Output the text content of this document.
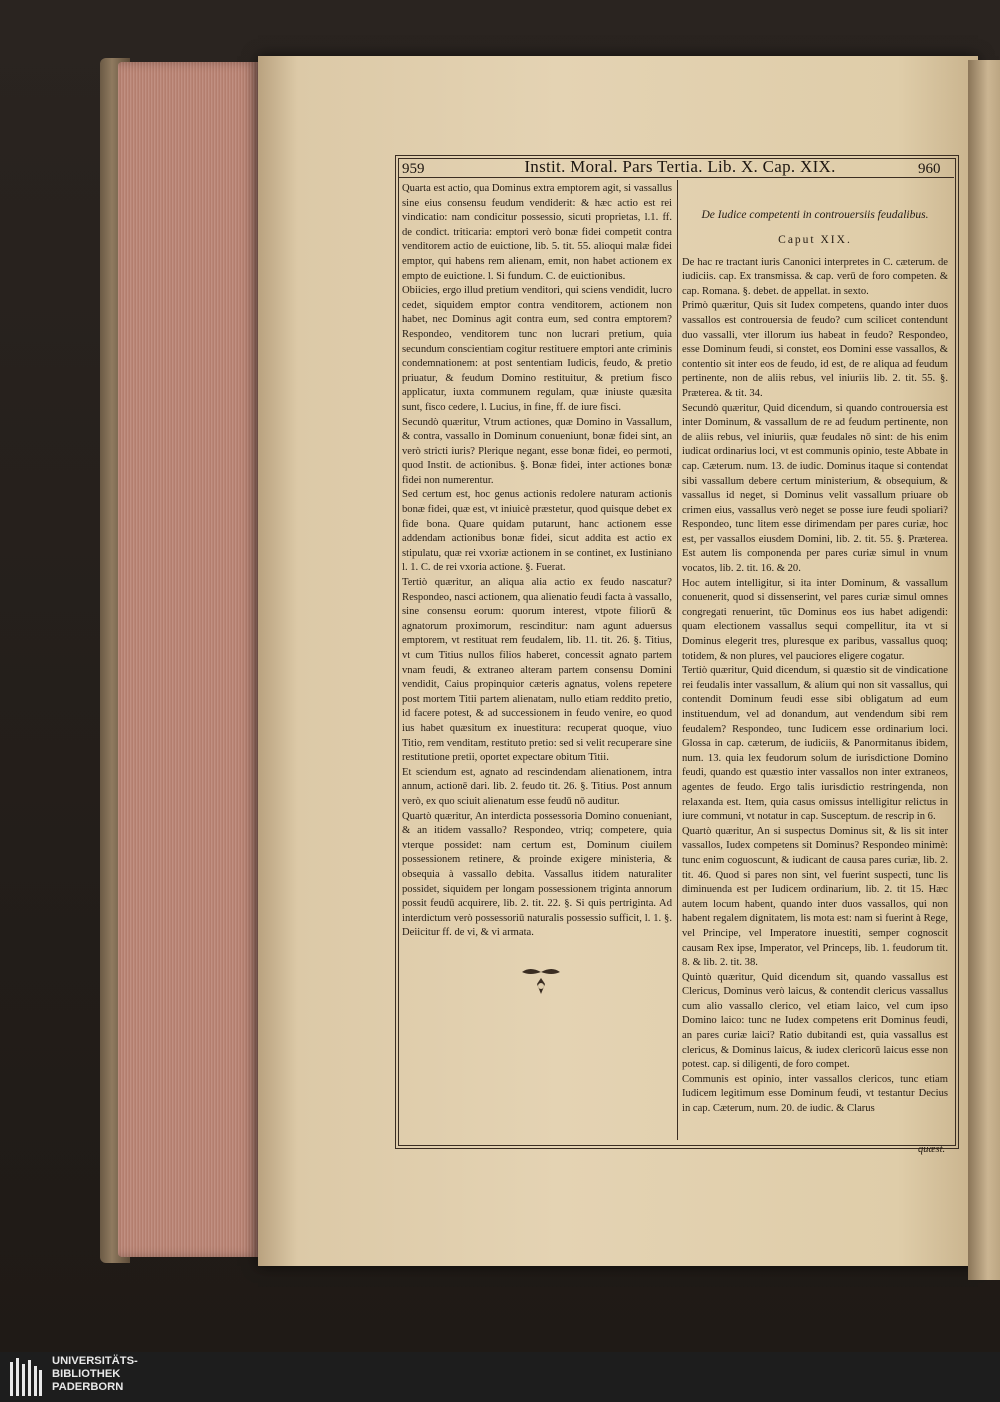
959	Instit. Moral. Pars Tertia. Lib. X. Cap. XIX.	960

Quarta est actio, qua Dominus extra emptorem agit, si vassallus sine eius consensu feudum vendiderit: & hæc actio est rei vindicatio: nam condicitur possessio, sicuti proprietas, l.1. ff. de condict. triticaria: emptori verò bonæ fidei competit contra venditorem actio de euictione, lib. 5. tit. 55. alioqui malæ fidei emptor, qui habens rem alienam, emit, non habet actionem ex empto de euictione. l. Si fundum. C. de euictionibus.

Obiicies, ergo illud pretium venditori, qui sciens vendidit, lucro cedet, siquidem emptor contra venditorem, actionem non habet, nec Dominus agit contra eum, sed contra emptorem? Respondeo, venditorem tunc non lucrari pretium, quia secundum conscientiam cogitur restituere emptori ante criminis condemnationem: at post sententiam Iudicis, feudo, & pretio priuatur, & feudum Domino restituitur, & pretium fisco applicatur, iuxta communem regulam, quæ iniuste quæsita sunt, fisco cedere, l. Lucius, in fine, ff. de iure fisci.

Secundò quæritur, Vtrum actiones, quæ Domino in Vassallum, & contra, vassallo in Dominum conueniunt, bonæ fidei sint, an verò stricti iuris? Plerique negant, esse bonæ fidei, eo permoti, quod Instit. de actionibus. §. Bonæ fidei, inter actiones bonæ fidei non numerentur.

Sed certum est, hoc genus actionis redolere naturam actionis bonæ fidei, quæ est, vt iniuicè præstetur, quod quisque debet ex fide bona. Quare quidam putarunt, hanc actionem esse addendam actionibus bonæ fidei, sicut addita est actio ex stipulatu, quæ rei vxoriæ actionem in se continet, ex Iustiniano l. 1. C. de rei vxoria actione. §. Fuerat.

Tertiò quæritur, an aliqua alia actio ex feudo nascatur? Respondeo, nasci actionem, qua alienatio feudi facta à vassallo, sine consensu eorum: quorum interest, vtpote filiorū & agnatorum proximorum, rescinditur: nam agunt aduersus emptorem, vt restituat rem feudalem, lib. 11. tit. 26. §. Titius, vt cum Titius nullos filios haberet, concessit agnato partem vnam feudi, & extraneo alteram partem consensu Domini vendidit, Caius propinquior cæteris agnatus, volens repetere post mortem Titii partem alienatam, nullo etiam reddito pretio, id facere potest, & ad successionem in feudo venire, eo quod ius habet quæsitum ex inuestitura: recuperat quoque, viuo Titio, rem venditam, restituto pretio: sed si velit recuperare sine restitutione pretii, oportet expectare obitum Titii.

Et sciendum est, agnato ad rescindendam alienationem, intra annum, actionē dari. lib. 2. feudo tit. 26. §. Titius. Post annum verò, ex quo sciuit alienatum esse feudū nō auditur.

Quartò quæritur, An interdicta possessoria Domino conueniant, & an itidem vassallo? Respondeo, vtriq; competere, quia vterque possidet: nam certum est, Dominum ciuilem possessionem retinere, & proinde exigere ministeria, & obsequia à vassallo debita. Vassallus itidem naturaliter possidet, siquidem per longam possessionem triginta annorum possit feudū acquirere, lib. 2. tit. 22. §. Si quis pertriginta. Ad interdictum verò possessoriū naturalis possessio sufficit, l. 1. §. Deiicitur ff. de vi, & vi armata.

De Iudice competenti in controuersiis feudalibus.

Caput XIX.

De hac re tractant iuris Canonici interpretes in C. cæterum. de iudiciis. cap. Ex transmissa. & cap. verū de foro competen. & cap. Romana. §. debet. de appellat. in sexto.

Primò quæritur, Quis sit Iudex competens, quando inter duos vassallos est controuersia de feudo? cum scilicet contendunt duo vassalli, vter illorum ius habeat in feudo? Respondeo, esse Dominum feudi, si constet, eos Domini esse vassallos, & contentio sit inter eos de feudo, id est, de re aliqua ad feudum pertinente, non de aliis rebus, vel iniuriis lib. 2. tit. 55. §. Præterea. & tit. 34.

Secundò quæritur, Quid dicendum, si quando controuersia est inter Dominum, & vassallum de re ad feudum pertinente, non de aliis rebus, vel iniuriis, quæ feudales nō sint: de his enim iudicat ordinarius loci, vt est communis opinio, teste Abbate in cap. Cæterum. num. 13. de iudic. Dominus itaque si contendat sibi vassallum debere certum ministerium, & obsequium, & vassallus id neget, si Dominus velit vassallum priuare ob crimen eius, vassallus verò neget se posse iure feudi spoliari? Respondeo, tunc litem esse dirimendam per pares curiæ, hoc est, per vassallos eiusdem Domini, lib. 2. tit. 55. §. Præterea. Est autem lis componenda per pares curiæ simul in vnum vocatos, lib. 2. tit. 16. & 20.

Hoc autem intelligitur, si ita inter Dominum, & vassallum conuenerit, quod si dissenserint, vel pares curiæ simul omnes congregati renuerint, tūc Dominus eos ius habet adigendi: quam electionem vassallus sequi compellitur, ita vt si Dominus elegerit tres, pluresque ex paribus, vassallus quoq; totidem, & non plures, vel pauciores eligere cogatur.

Tertiò quæritur, Quid dicendum, si quæstio sit de vindicatione rei feudalis inter vassallum, & alium qui non sit vassallus, qui contendit Dominum feudi esse sibi obligatum ad eum instituendum, vel ad donandum, aut vendendum sibi rem feudalem? Respondeo, tunc Iudicem esse ordinarium loci. Glossa in cap. cæterum, de iudiciis, & Panormitanus ibidem, num. 13. quia lex feudorum solum de iurisdictione Domino feudi, quando est quæstio inter vassallos non inter extraneos, agentes de feudo. Ergo talis iurisdictio restringenda, non relaxanda est. Item, quia casus omissus intelligitur relictus in iure communi, vt notatur in cap. Susceptum. de rescrip in 6.

Quartò quæritur, An si suspectus Dominus sit, & lis sit inter vassallos, Iudex competens sit Dominus? Respondeo minimè: tunc enim coguoscunt, & iudicant de causa pares curiæ, lib. 2. tit. 46. Quod si pares non sint, vel fuerint suspecti, tunc lis diminuenda est per Iudicem ordinarium, lib. 2. tit 15. Hæc autem locum habent, quando inter duos vassallos, qui non habent regalem dignitatem, lis mota est: nam si fuerint à Rege, vel Principe, vel Imperatore inuestiti, semper cognoscit causam Rex ipse, Imperator, vel Princeps, lib. 1. feudorum tit. 8. & lib. 2. tit. 38.

Quintò quæritur, Quid dicendum sit, quando vassallus est Clericus, Dominus verò laicus, & contendit clericus vassallus cum alio vassallo clerico, vel etiam laico, vel cum ipso Domino laico: tunc ne Iudex competens erit Dominus feudi, an pares curiæ laici? Ratio dubitandi est, quia vassallus est clericus, & Dominus laicus, & iudex clericorū laicus esse non potest. cap. si diligenti, de foro compet.

Communis est opinio, inter vassallos clericos, tunc etiam Iudicem legitimum esse Dominum feudi, vt testantur Decius in cap. Cæterum, num. 20. de iudic. & Clarus

quæst.
UNIVERSITÄTS-
BIBLIOTHEK
PADERBORN
